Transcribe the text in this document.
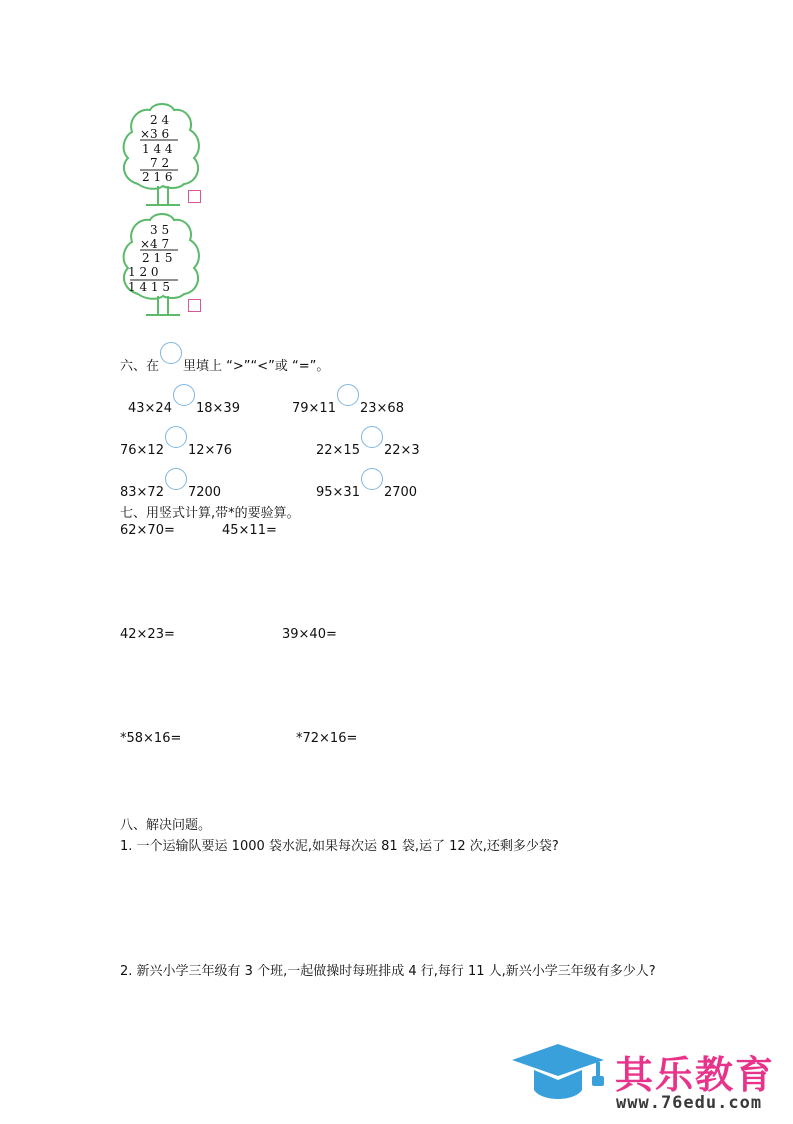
2 4
×3 6
1 4 4
7 2
2 1 6
3 5
×4 7
2 1 5
1 2 0
1 4 1 5
六、在 里填上 “>”“<”或 “=”。
43×24 18×39	79×11 23×68
76×12 12×76	22×15 22×3
83×72 7200	95×31 2700
七、用竖式计算,带*的要验算。
62×70=	45×11=
42×23=	39×40=
*58×16=	*72×16=
八、解决问题。
1. 一个运输队要运 1000 袋水泥,如果每次运 81 袋,运了 12 次,还剩多少袋?
2. 新兴小学三年级有 3 个班,一起做操时每班排成 4 行,每行 11 人,新兴小学三年级有多少人?
其乐教育
www.76edu.com
